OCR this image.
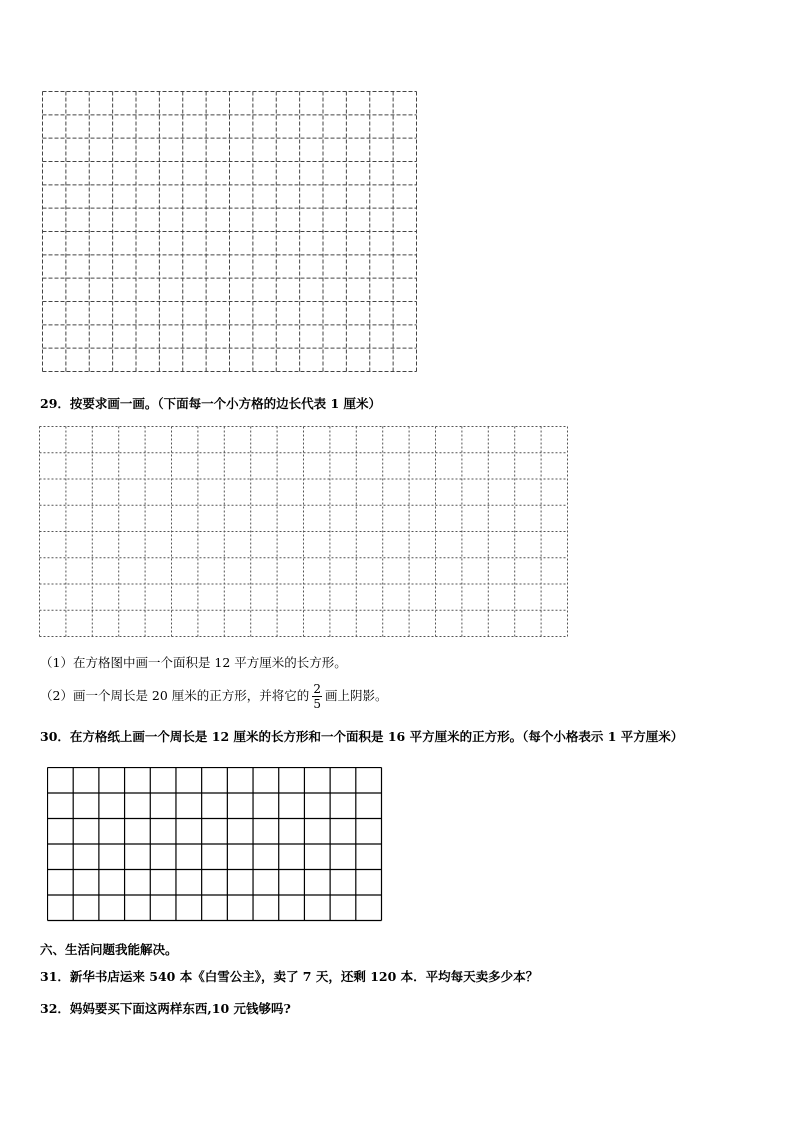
29．按要求画一画。（下面每一个小方格的边长代表 1 厘米）
（1）在方格图中画一个面积是 12 平方厘米的长方形。
（2）画一个周长是 20 厘米的正方形，并将它的 $\frac{2}{5}$ 画上阴影。
30．在方格纸上画一个周长是 12 厘米的长方形和一个面积是 16 平方厘米的正方形。（每个小格表示 1 平方厘米）
六、生活问题我能解决。
31．新华书店运来 540 本《白雪公主》，卖了 7 天，还剩 120 本．平均每天卖多少本？
32．妈妈要买下面这两样东西,10 元钱够吗?
